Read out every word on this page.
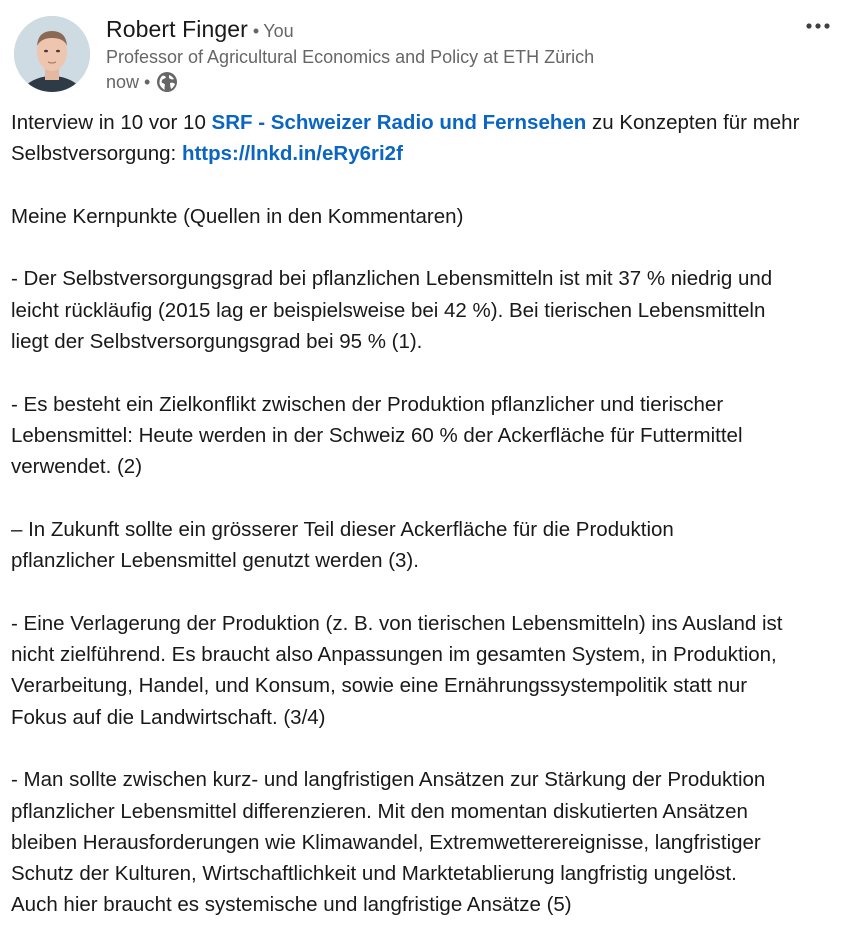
Robert Finger • You
Professor of Agricultural Economics and Policy at ETH Zürich
now •

Interview in 10 vor 10 SRF - Schweizer Radio und Fernsehen zu Konzepten für mehr
Selbstversorgung: https://lnkd.in/eRy6ri2f

Meine Kernpunkte (Quellen in den Kommentaren)

- Der Selbstversorgungsgrad bei pflanzlichen Lebensmitteln ist mit 37 % niedrig und
leicht rückläufig (2015 lag er beispielsweise bei 42 %). Bei tierischen Lebensmitteln
liegt der Selbstversorgungsgrad bei 95 % (1).

- Es besteht ein Zielkonflikt zwischen der Produktion pflanzlicher und tierischer
Lebensmittel: Heute werden in der Schweiz 60 % der Ackerfläche für Futtermittel
verwendet. (2)

– In Zukunft sollte ein grösserer Teil dieser Ackerfläche für die Produktion
pflanzlicher Lebensmittel genutzt werden (3).

- Eine Verlagerung der Produktion (z. B. von tierischen Lebensmitteln) ins Ausland ist
nicht zielführend. Es braucht also Anpassungen im gesamten System, in Produktion,
Verarbeitung, Handel, und Konsum, sowie eine Ernährungssystempolitik statt nur
Fokus auf die Landwirtschaft. (3/4)

- Man sollte zwischen kurz- und langfristigen Ansätzen zur Stärkung der Produktion
pflanzlicher Lebensmittel differenzieren. Mit den momentan diskutierten Ansätzen
bleiben Herausforderungen wie Klimawandel, Extremwetterereignisse, langfristiger
Schutz der Kulturen, Wirtschaftlichkeit und Marktetablierung langfristig ungelöst.
Auch hier braucht es systemische und langfristige Ansätze (5)
